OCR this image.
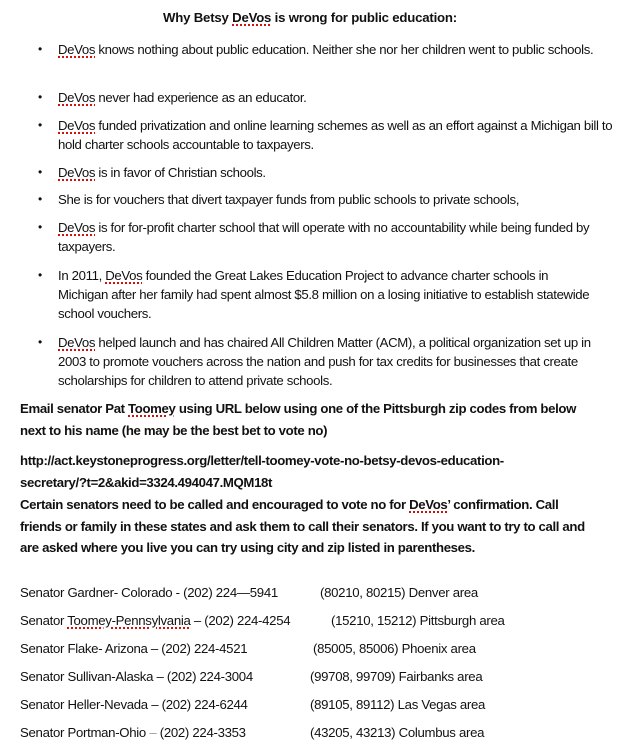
Why Betsy DeVos is wrong for public education:
• DeVos knows nothing about public education. Neither she nor her children went to public schools.
• DeVos never had experience as an educator.
• DeVos funded privatization and online learning schemes as well as an effort against a Michigan bill to hold charter schools accountable to taxpayers.
• DeVos is in favor of Christian schools.
• She is for vouchers that divert taxpayer funds from public schools to private schools,
• DeVos is for for-profit charter school that will operate with no accountability while being funded by taxpayers.
• In 2011, DeVos founded the Great Lakes Education Project to advance charter schools in Michigan after her family had spent almost $5.8 million on a losing initiative to establish statewide school vouchers.
• DeVos helped launch and has chaired All Children Matter (ACM), a political organization set up in 2003 to promote vouchers across the nation and push for tax credits for businesses that create scholarships for children to attend private schools.
Email senator Pat Toomey using URL below using one of the Pittsburgh zip codes from below next to his name (he may be the best bet to vote no)
http://act.keystoneprogress.org/letter/tell-toomey-vote-no-betsy-devos-education-
secretary/?t=2&akid=3324.494047.MQM18t
Certain senators need to be called and encouraged to vote no for DeVos’ confirmation. Call friends or family in these states and ask them to call their senators. If you want to try to call and are asked where you live you can try using city and zip listed in parentheses.
Senator Gardner- Colorado - (202) 224—5941	(80210, 80215) Denver area
Senator Toomey-Pennsylvania – (202) 224-4254	(15210, 15212) Pittsburgh area
Senator Flake- Arizona – (202) 224-4521	(85005, 85006) Phoenix area
Senator Sullivan-Alaska – (202) 224-3004	(99708, 99709) Fairbanks area
Senator Heller-Nevada – (202) 224-6244	(89105, 89112) Las Vegas area
Senator Portman-Ohio – (202) 224-3353	(43205, 43213) Columbus area
